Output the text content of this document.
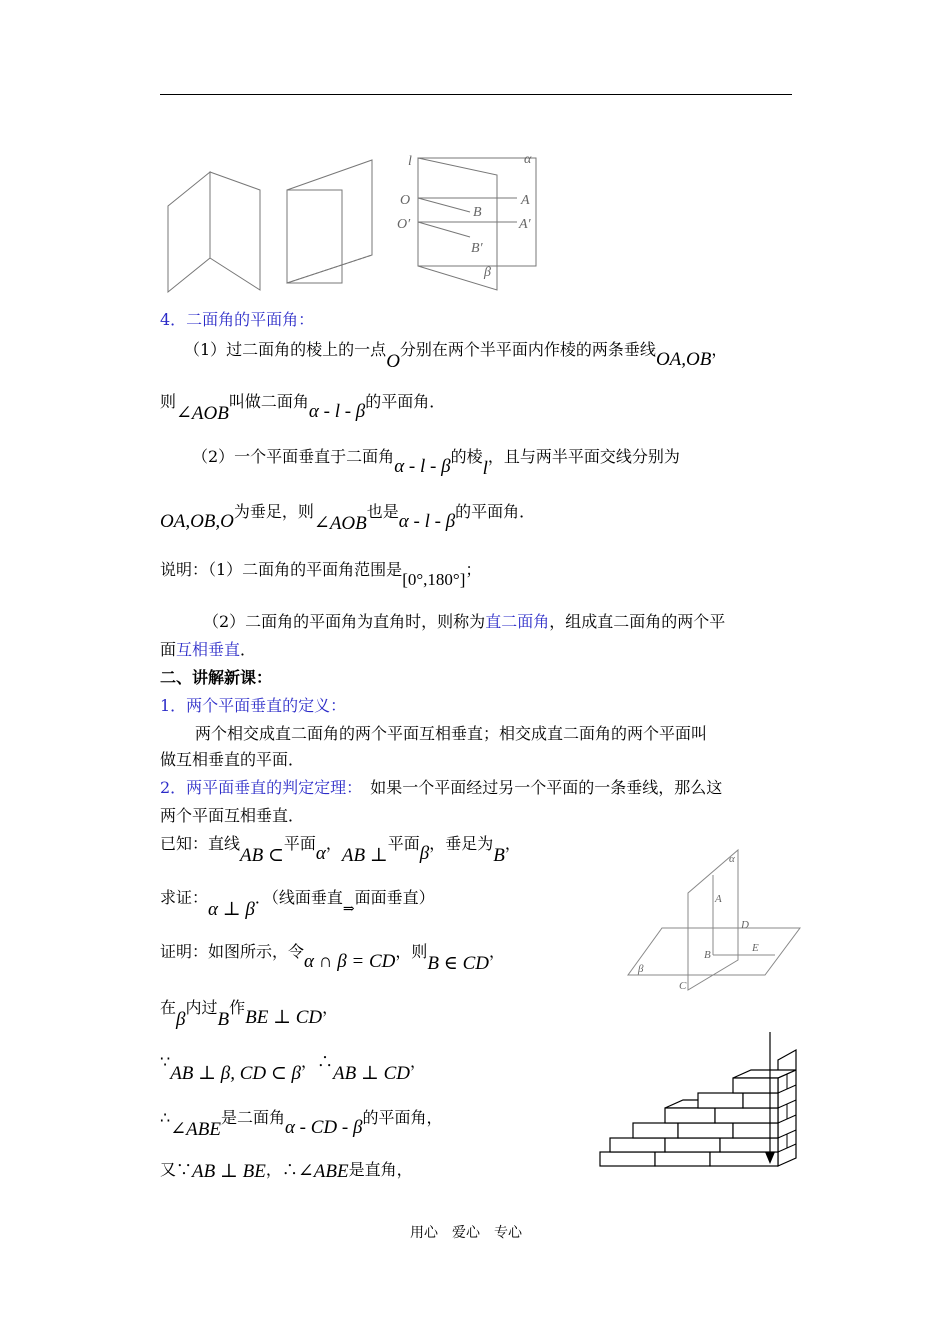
l	α
O	A
B
O′	A′
B′
β
4．二面角的平面角：
（1）过二面角的棱上的一点O分别在两个半平面内作棱的两条垂线OA,OB，
则∠AOB叫做二面角α - l - β的平面角．
（2）一个平面垂直于二面角α - l - β的棱l，且与两半平面交线分别为
OA,OB,O为垂足，则∠AOB也是α - l - β的平面角．
说明：（1）二面角的平面角范围是[0°,180°]；
（2）二面角的平面角为直角时，则称为直二面角，组成直二面角的两个平
面互相垂直．
二、讲解新课：
1．两个平面垂直的定义：
两个相交成直二面角的两个平面互相垂直；相交成直二面角的两个平面叫
做互相垂直的平面．
2．两平面垂直的判定定理：　 如果一个平面经过另一个平面的一条垂线，那么这
两个平面互相垂直．
已知：直线AB ⊂平面α，AB ⊥平面β，垂足为B，
求证：α ⊥ β．（线面垂直⇒面面垂直）
证明：如图所示，令α ∩ β = CD，则B ∈ CD，
在β内过B作BE ⊥ CD，
∵AB ⊥ β, CD ⊂ β，∴AB ⊥ CD，
∴∠ABE是二面角α - CD - β的平面角，
又∵AB ⊥ BE，∴∠ABE是直角，
α
A
D
B
E
β
C
用心　爱心　专心
